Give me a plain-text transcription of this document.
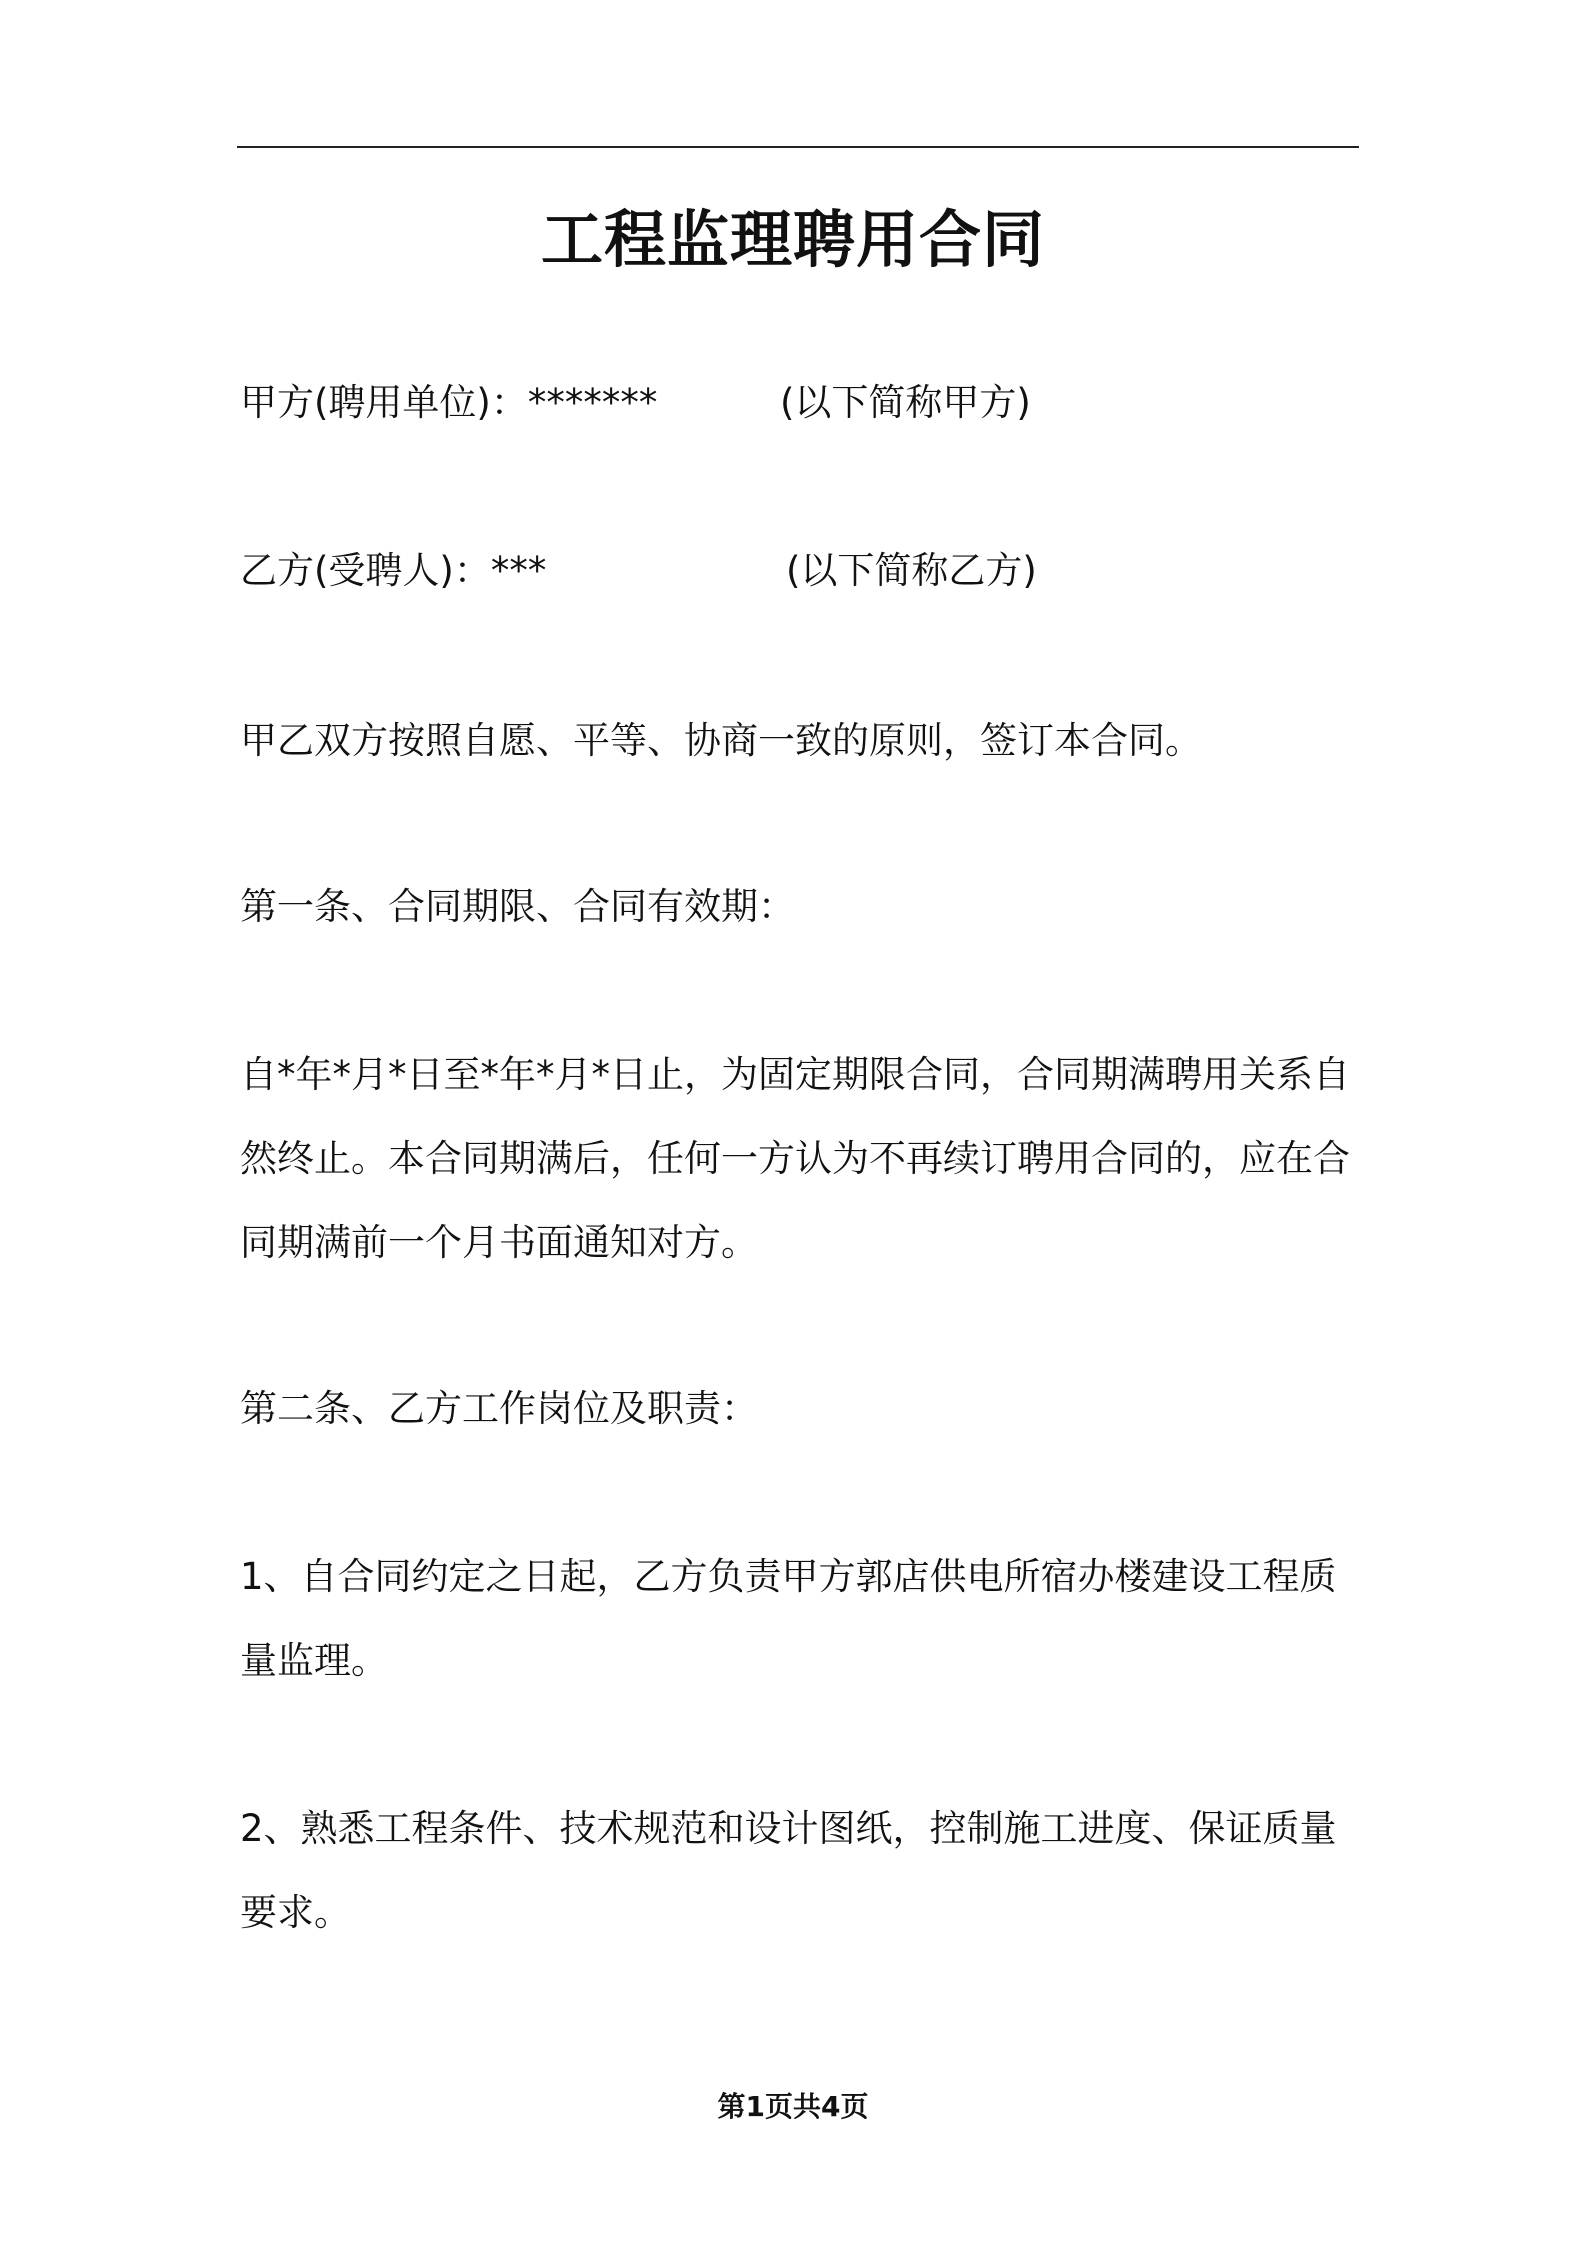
工程监理聘用合同
甲方(聘用单位)：*******	(以下简称甲方)
乙方(受聘人)：***	(以下简称乙方)
甲乙双方按照自愿、平等、协商一致的原则，签订本合同。
第一条、合同期限、合同有效期：
自*年*月*日至*年*月*日止，为固定期限合同，合同期满聘用关系自
然终止。本合同期满后，任何一方认为不再续订聘用合同的，应在合
同期满前一个月书面通知对方。
第二条、乙方工作岗位及职责：
1、自合同约定之日起，乙方负责甲方郭店供电所宿办楼建设工程质
量监理。
2、熟悉工程条件、技术规范和设计图纸，控制施工进度、保证质量
要求。
第1页共4页
